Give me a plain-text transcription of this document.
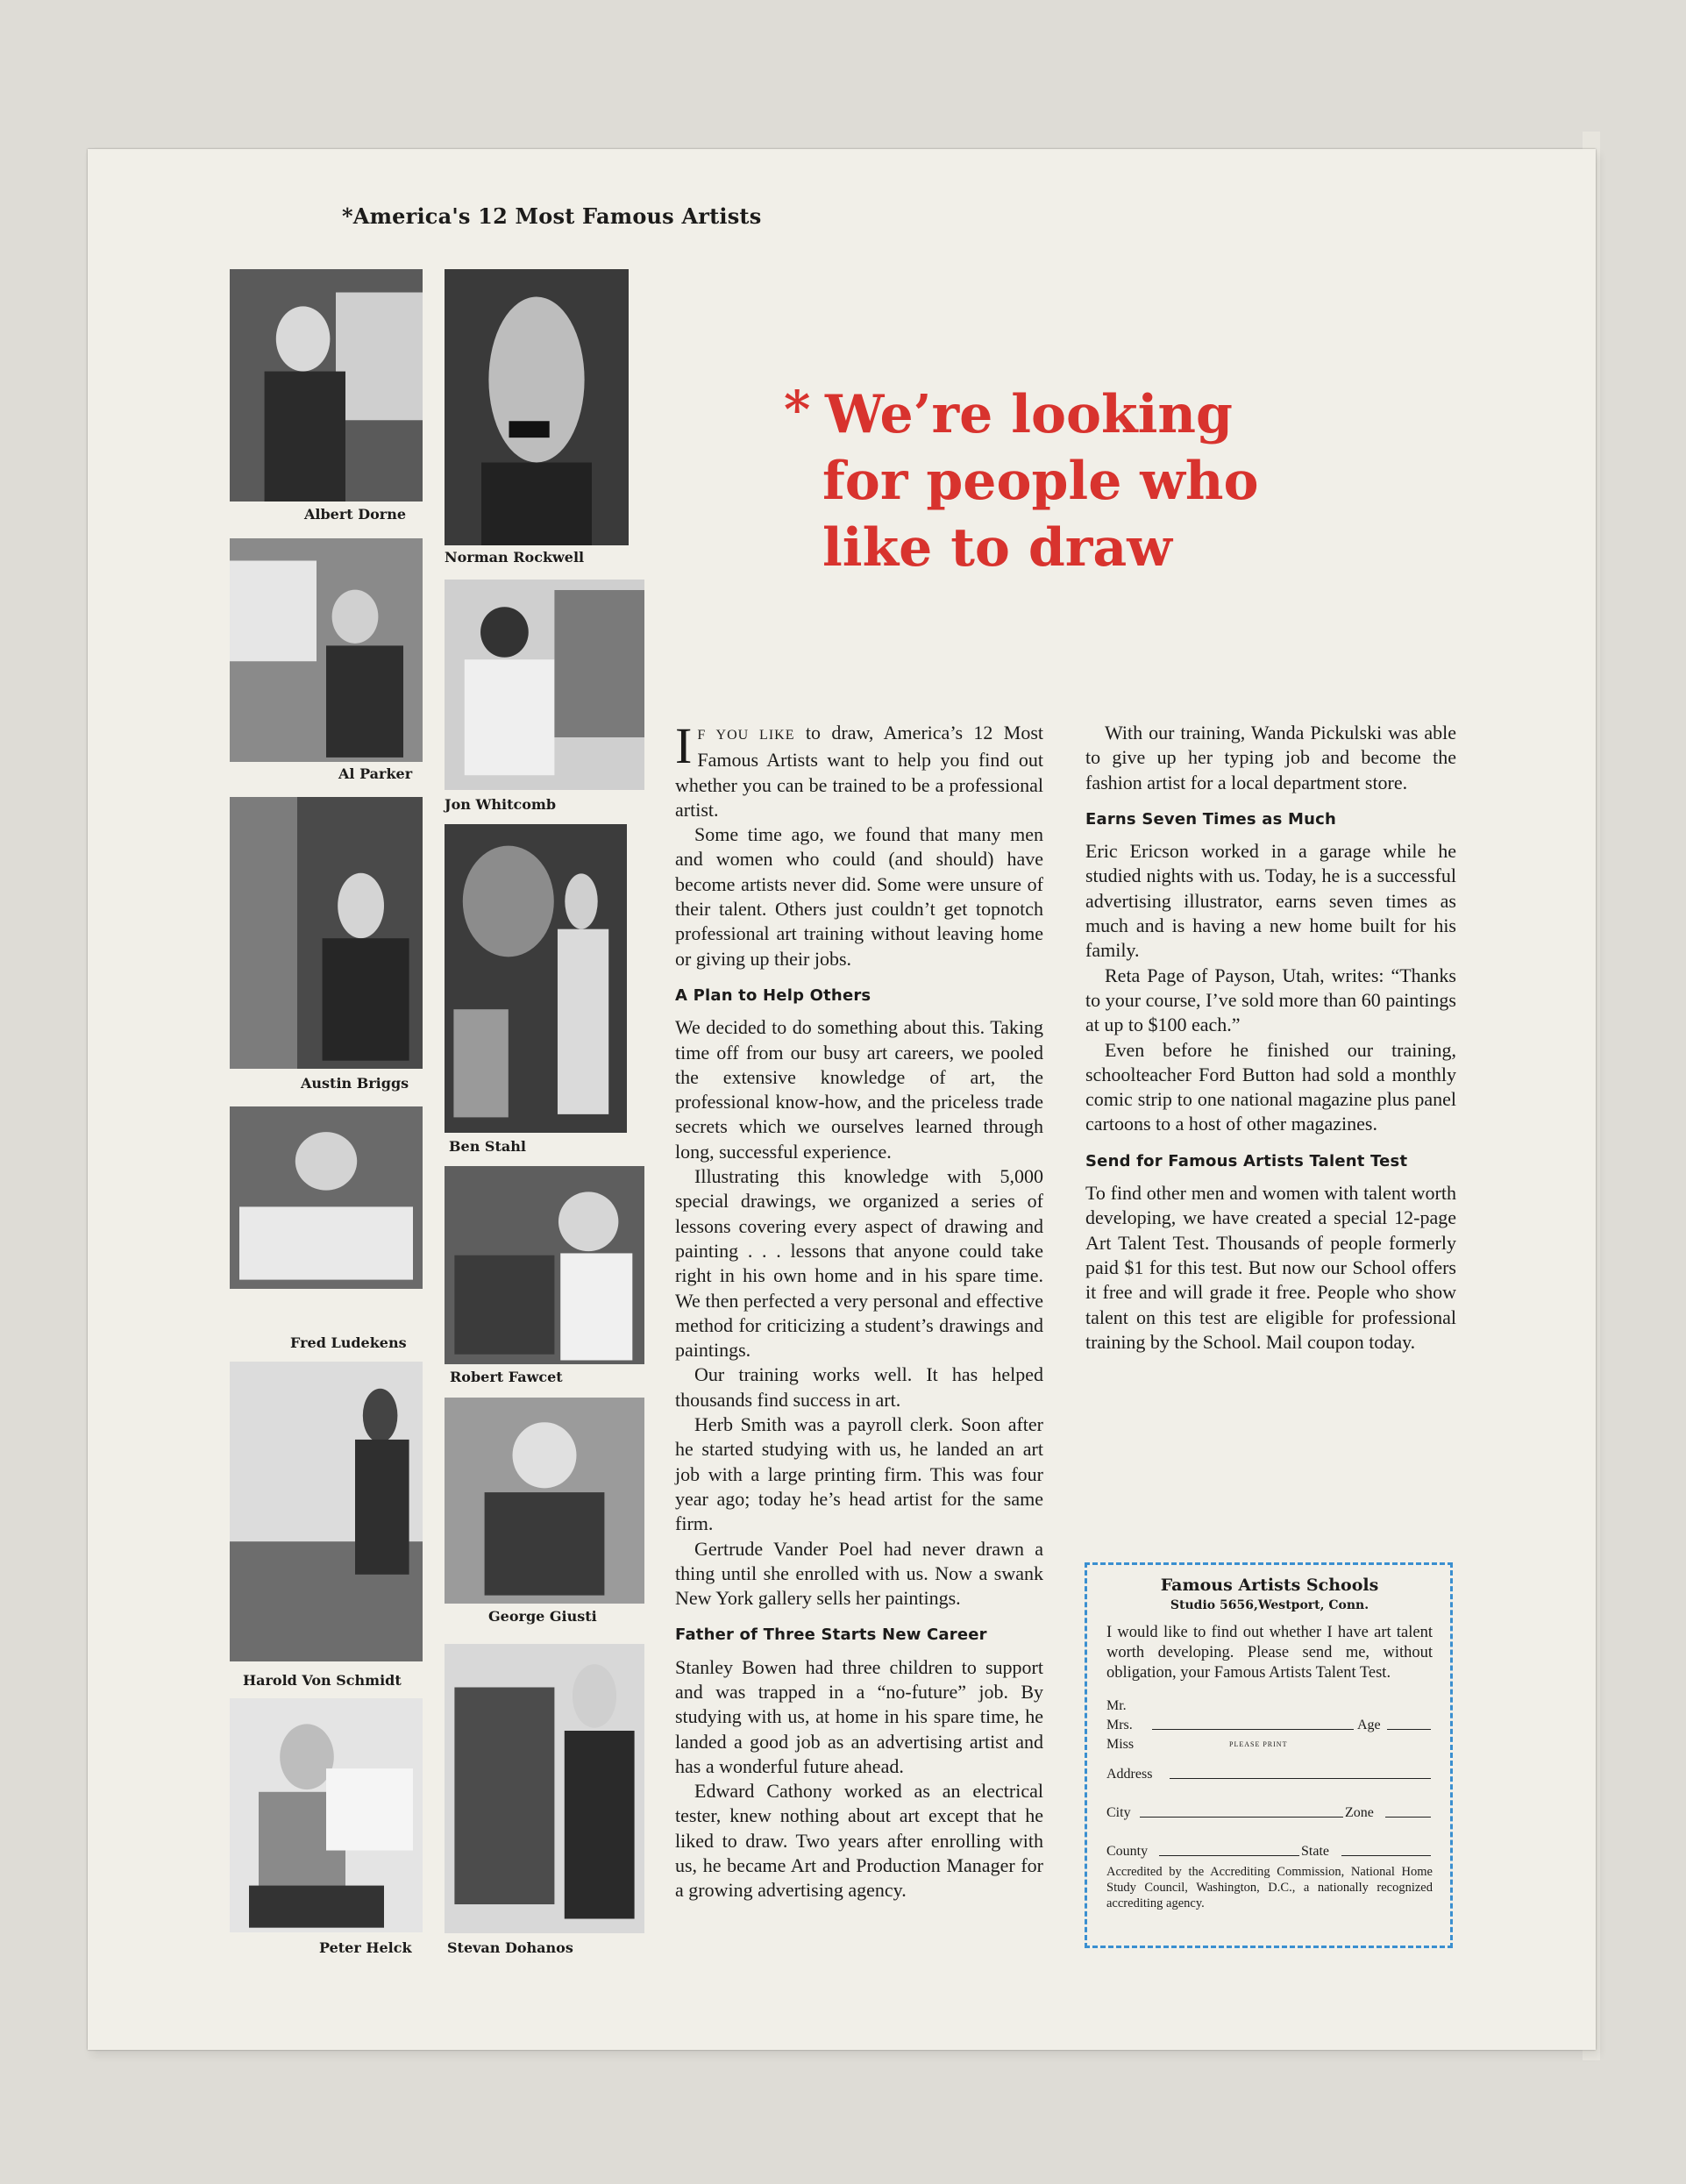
*America's 12 Most Famous Artists
Albert Dorne
Norman Rockwell
Al Parker
Jon Whitcomb
Austin Briggs
Ben Stahl
Fred Ludekens
Robert Fawcet
Harold Von Schmidt
George Giusti
Peter Helck	Stevan Dohanos
* We’re looking
for people who
like to draw

I F YOU LIKE to draw, America’s 12 Most Famous Artists want to help you find out whether you can be trained to be a professional artist.

Some time ago, we found that many men and women who could (and should) have become artists never did. Some were unsure of their talent. Others just couldn’t get topnotch professional art training without leaving home or giving up their jobs.

A Plan to Help Others

We decided to do something about this. Taking time off from our busy art careers, we pooled the extensive knowledge of art, the professional know-how, and the priceless trade secrets which we ourselves learned through long, successful experience.

Illustrating this knowledge with 5,000 special drawings, we organized a series of lessons covering every aspect of drawing and painting . . . lessons that anyone could take right in his own home and in his spare time. We then perfected a very personal and effective method for criticizing a student’s drawings and paintings.

Our training works well. It has helped thousands find success in art.

Herb Smith was a payroll clerk. Soon after he started studying with us, he landed an art job with a large printing firm. This was four year ago; today he’s head artist for the same firm.

Gertrude Vander Poel had never drawn a thing until she enrolled with us. Now a swank New York gallery sells her paintings.

Father of Three Starts New Career

Stanley Bowen had three children to support and was trapped in a “no-future” job. By studying with us, at home in his spare time, he landed a good job as an advertising artist and has a wonderful future ahead.

Edward Cathony worked as an electrical tester, knew nothing about art except that he liked to draw. Two years after enrolling with us, he became Art and Production Manager for a growing advertising agency.

With our training, Wanda Pickulski was able to give up her typing job and become the fashion artist for a local department store.

Earns Seven Times as Much

Eric Ericson worked in a garage while he studied nights with us. Today, he is a successful advertising illustrator, earns seven times as much and is having a new home built for his family.

Reta Page of Payson, Utah, writes: “Thanks to your course, I’ve sold more than 60 paintings at up to $100 each.”

Even before he finished our training, schoolteacher Ford Button had sold a monthly comic strip to one national magazine plus panel cartoons to a host of other magazines.

Send for Famous Artists Talent Test

To find other men and women with talent worth developing, we have created a special 12-page Art Talent Test. Thousands of people formerly paid $1 for this test. But now our School offers it free and will grade it free. People who show talent on this test are eligible for professional training by the School. Mail coupon today.

Famous Artists Schools
Studio 5656,Westport, Conn.
I would like to find out whether I have art talent worth developing. Please send me, without obligation, your Famous Artists Talent Test.
Mr.
Mrs.	Age
Miss	PLEASE PRINT
Address
City	Zone
County	State
Accredited by the Accrediting Commission, National Home Study Council, Washington, D.C., a nationally recognized accrediting agency.
